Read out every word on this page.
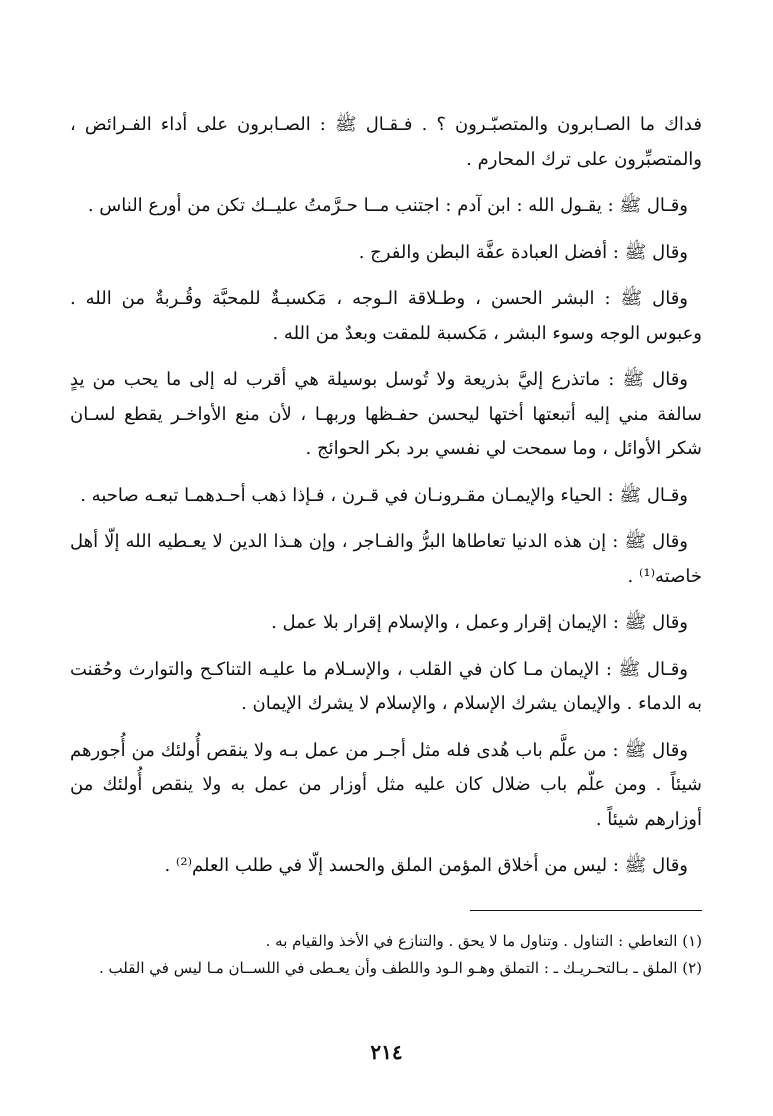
فداك ما الصـابرون والمتصبّـرون ؟ . فـقـال ﷺ : الصـابرون على أداء الفـرائض ، والمتصبِّرون على ترك المحارم .

وقـال ﷺ : يقـول الله : ابن آدم : اجتنب مــا حـرَّمتُ عليــك تكن من أورع الناس .

وقال ﷺ : أفضل العبادة عفَّة البطن والفرج .

وقال ﷺ : البشر الحسن ، وطـلاقة الـوجه ، مَكسبـةٌ للمحبَّة وقُـربةٌ من الله . وعبوس الوجه وسوء البشر ، مَكسبة للمقت وبعدٌ من الله .

وقال ﷺ : ماتذرع إليَّ بذريعة ولا تُوسل بوسيلة هي أقرب له إلى ما يحب من يدٍ سالفة مني إليه أتبعتها أختها ليحسن حفـظها وربهـا ، لأن منع الأواخـر يقطع لسـان شكر الأوائل ، وما سمحت لي نفسي برد بكر الحوائج .

وقـال ﷺ : الحياء والإيمـان مقـرونـان في قـرن ، فـإذا ذهب أحـدهمـا تبعـه صاحبه .

وقال ﷺ : إن هذه الدنيا تعاطاها البرُّ والفـاجر ، وإن هـذا الدين لا يعـطيه الله إلّا أهل خاصته⁽¹⁾ .

وقال ﷺ : الإيمان إقرار وعمل ، والإسلام إقرار بلا عمل .

وقـال ﷺ : الإيمان مـا كان في القلب ، والإسـلام ما عليـه التناكـح والتوارث وحُقنت به الدماء . والإيمان يشرك الإسلام ، والإسلام لا يشرك الإيمان .

وقال ﷺ : من علَّم باب هُدى فله مثل أجـر من عمل بـه ولا ينقص أُولئك من أُجورهم شيئاً . ومن علّم باب ضلال كان عليه مثل أوزار من عمل به ولا ينقص أُولئك من أوزارهم شيئاً .

وقال ﷺ : ليس من أخلاق المؤمن الملق والحسد إلّا في طلب العلم⁽²⁾ .

(١) التعاطي : التناول . وتناول ما لا يحق . والتنازع في الأخذ والقيام به .

(٢) الملق ـ بـالتحـريـك ـ : التملق وهـو الـود واللطف وأن يعـطى في اللســان مـا ليس في القلب .

٢١٤
